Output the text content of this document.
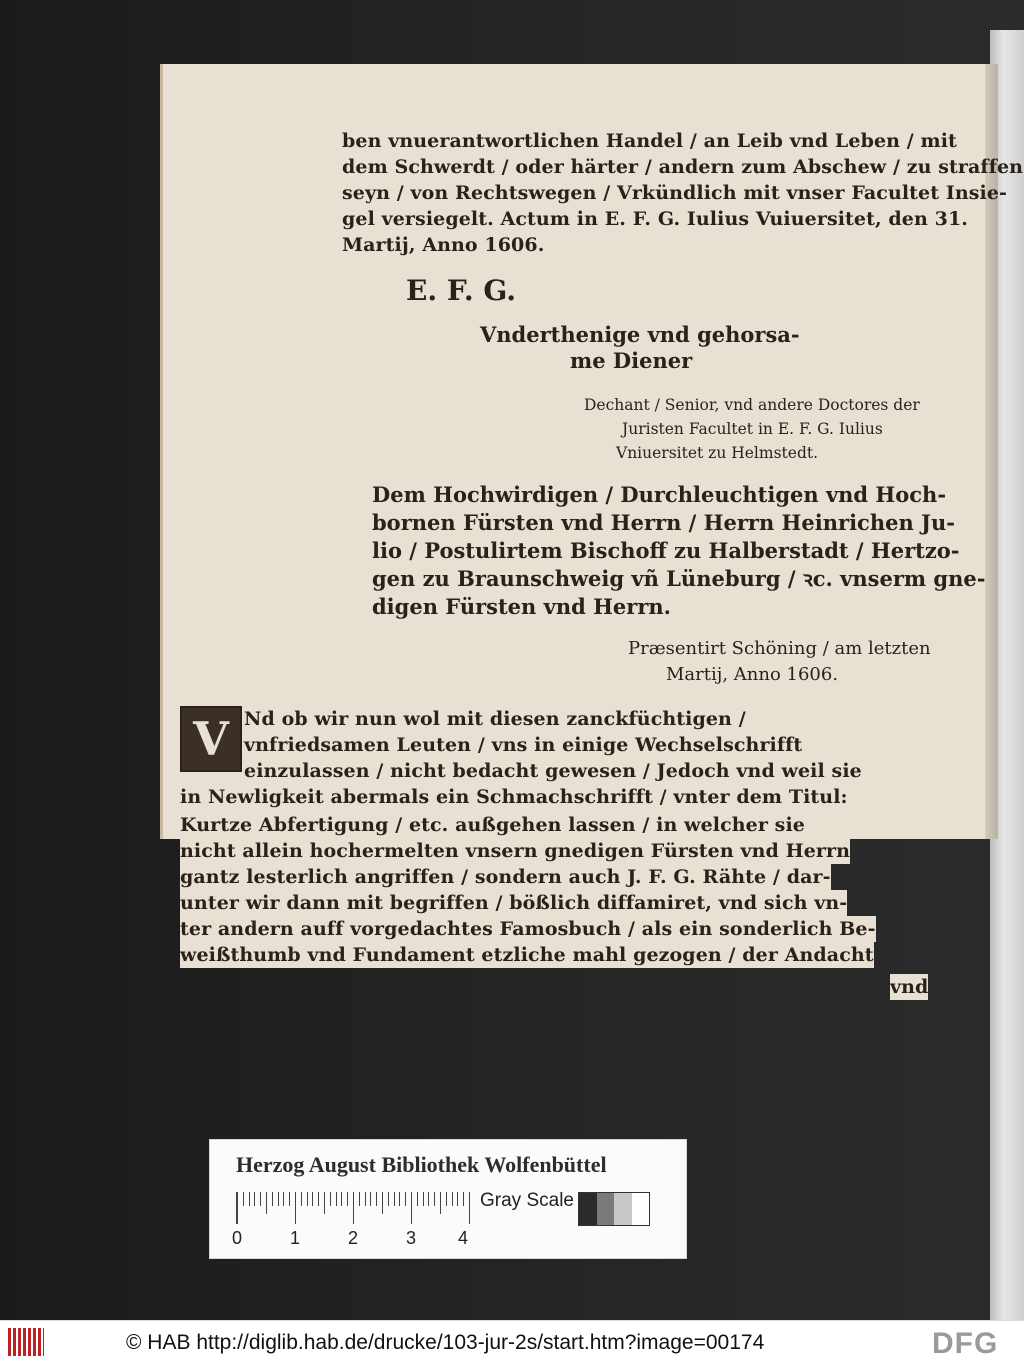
ben vnuerantwortlichen Handel / an Leib vnd Leben / mit
dem Schwerdt / oder härter / andern zum Abschew / zu straffen
seyn / von Rechtswegen / Vrkündlich mit vnser Facultet Insie-
gel versiegelt. Actum in E. F. G. Iulius Vuiuersitet, den 31.
Martij, Anno 1606.
E. F. G.
Vnderthenige vnd gehorsa-
me Diener
Dechant / Senior, vnd andere Doctores der
Juristen Facultet in E. F. G. Iulius
Vniuersitet zu Helmstedt.
Dem Hochwirdigen / Durchleuchtigen vnd Hoch-
bornen Fürsten vnd Herrn / Herrn Heinrichen Ju-
lio / Postulirtem Bischoff zu Halberstadt / Hertzo-
gen zu Braunschweig vñ Lüneburg / ꝛc. vnserm gne-
digen Fürsten vnd Herrn.
Præsentirt Schöning / am letzten
Martij, Anno 1606.
V Nd ob wir nun wol mit diesen zanckfüchtigen /
vnfriedsamen Leuten / vns in einige Wechselschrifft
einzulassen / nicht bedacht gewesen / Jedoch vnd weil sie
in Newligkeit abermals ein Schmachschrifft / vnter dem Titul:
Kurtze Abfertigung / etc. außgehen lassen / in welcher sie
nicht allein hochermelten vnsern gnedigen Fürsten vnd Herrn
gantz lesterlich angriffen / sondern auch J. F. G. Rähte / dar-
unter wir dann mit begriffen / bößlich diffamiret, vnd sich vn-
ter andern auff vorgedachtes Famosbuch / als ein sonderlich Be-
weißthumb vnd Fundament etzliche mahl gezogen / der Andacht
vnd
Herzog August Bibliothek Wolfenbüttel
0	1	2	3 4
Gray Scale
© HAB http://diglib.hab.de/drucke/103-jur-2s/start.htm?image=00174	DFG
